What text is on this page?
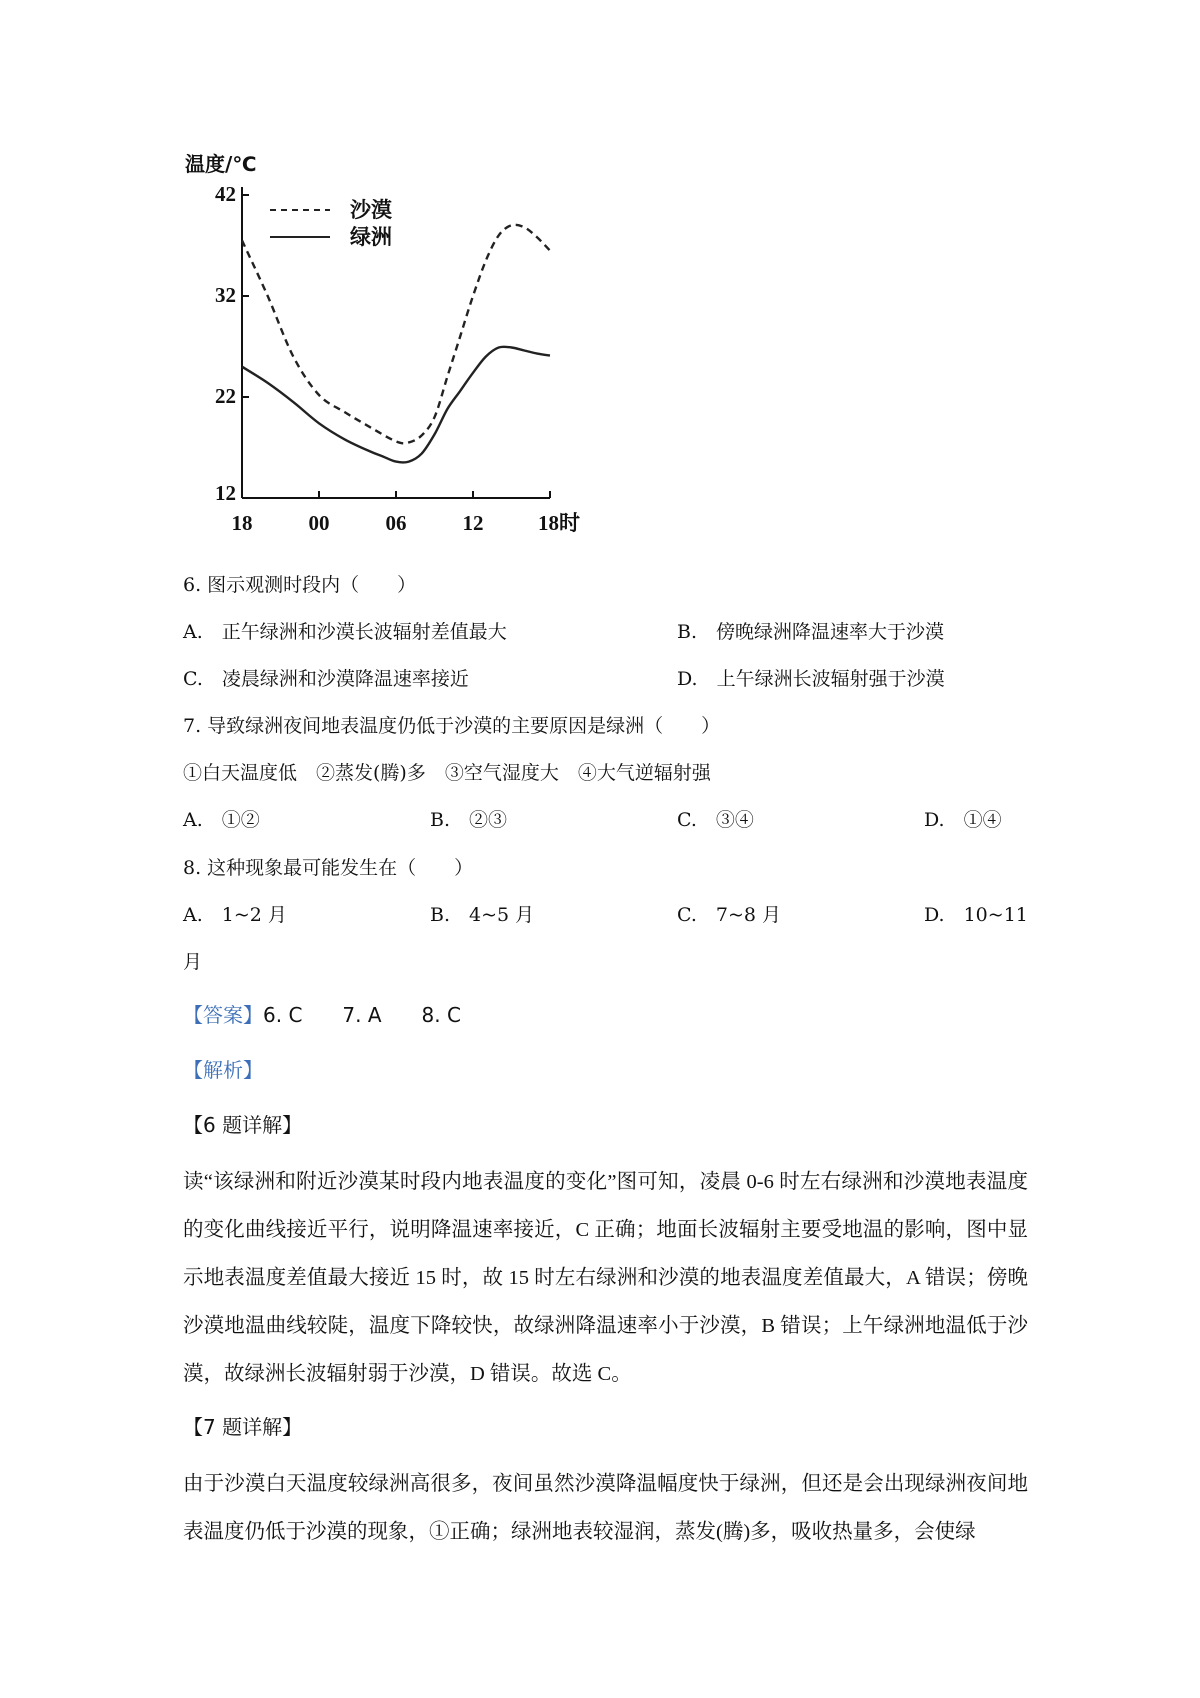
温度/℃
12
22
32
42
18	00	06	12	18时
沙漠
绿洲
6. 图示观测时段内（　　）
A.　正午绿洲和沙漠长波辐射差值最大	B.　傍晚绿洲降温速率大于沙漠
C.　凌晨绿洲和沙漠降温速率接近	D.　上午绿洲长波辐射强于沙漠
7. 导致绿洲夜间地表温度仍低于沙漠的主要原因是绿洲（　　）
①白天温度低　②蒸发(腾)多　③空气湿度大　④大气逆辐射强
A.　①②	B.　②③	C.　③④	D.　①④
8. 这种现象最可能发生在（　　）
A.　1~2 月	B.　4~5 月	C.　7~8 月	D.　10~11
月
【答案】6. C　　7. A　　8. C
【解析】
【6 题详解】

读“该绿洲和附近沙漠某时段内地表温度的变化”图可知，凌晨 0-6 时左右绿洲和沙漠地表温度的变化曲线接近平行，说明降温速率接近，C 正确；地面长波辐射主要受地温的影响，图中显示地表温度差值最大接近 15 时，故 15 时左右绿洲和沙漠的地表温度差值最大，A 错误；傍晚沙漠地温曲线较陡，温度下降较快，故绿洲降温速率小于沙漠，B 错误；上午绿洲地温低于沙漠，故绿洲长波辐射弱于沙漠，D 错误。故选 C。

【7 题详解】

由于沙漠白天温度较绿洲高很多，夜间虽然沙漠降温幅度快于绿洲，但还是会出现绿洲夜间地表温度仍低于沙漠的现象，①正确；绿洲地表较湿润，蒸发(腾)多，吸收热量多，会使绿
